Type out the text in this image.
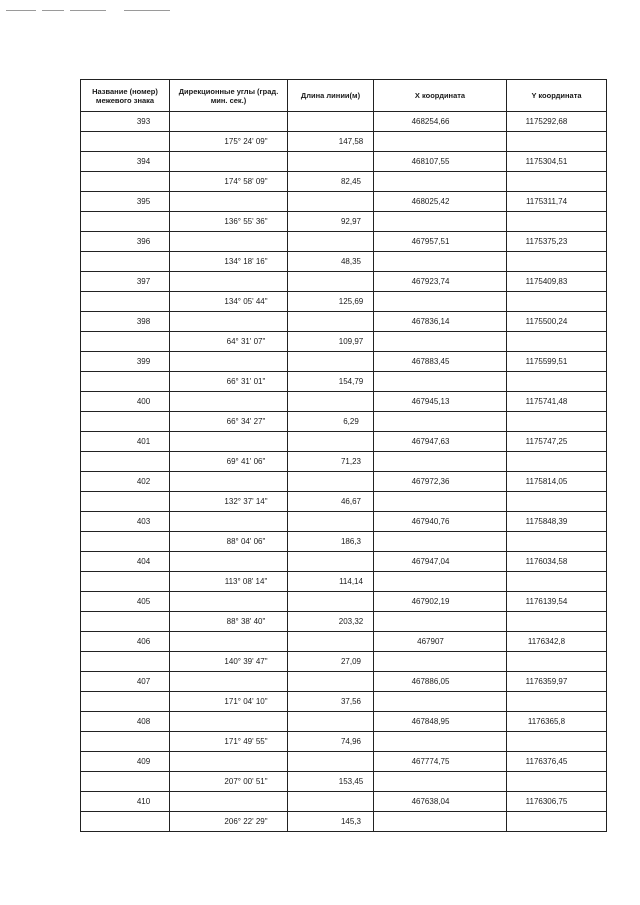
Название (номер) межевого знака	Дирекционные углы (град. мин. сек.)	Длина линии(м)	X координата	Y координата
393			468254,66	1175292,68
	175° 24' 09"	147,58		
394			468107,55	1175304,51
	174° 58' 09"	82,45		
395			468025,42	1175311,74
	136° 55' 36"	92,97		
396			467957,51	1175375,23
	134° 18' 16"	48,35		
397			467923,74	1175409,83
	134° 05' 44"	125,69		
398			467836,14	1175500,24
	64° 31' 07"	109,97		
399			467883,45	1175599,51
	66° 31' 01"	154,79		
400			467945,13	1175741,48
	66° 34' 27"	6,29		
401			467947,63	1175747,25
	69° 41' 06"	71,23		
402			467972,36	1175814,05
	132° 37' 14"	46,67		
403			467940,76	1175848,39
	88° 04' 06"	186,3		
404			467947,04	1176034,58
	113° 08' 14"	114,14		
405			467902,19	1176139,54
	88° 38' 40"	203,32		
406			467907	1176342,8
	140° 39' 47"	27,09		
407			467886,05	1176359,97
	171° 04' 10"	37,56		
408			467848,95	1176365,8
	171° 49' 55"	74,96		
409			467774,75	1176376,45
	207° 00' 51"	153,45		
410			467638,04	1176306,75
	206° 22' 29"	145,3		
